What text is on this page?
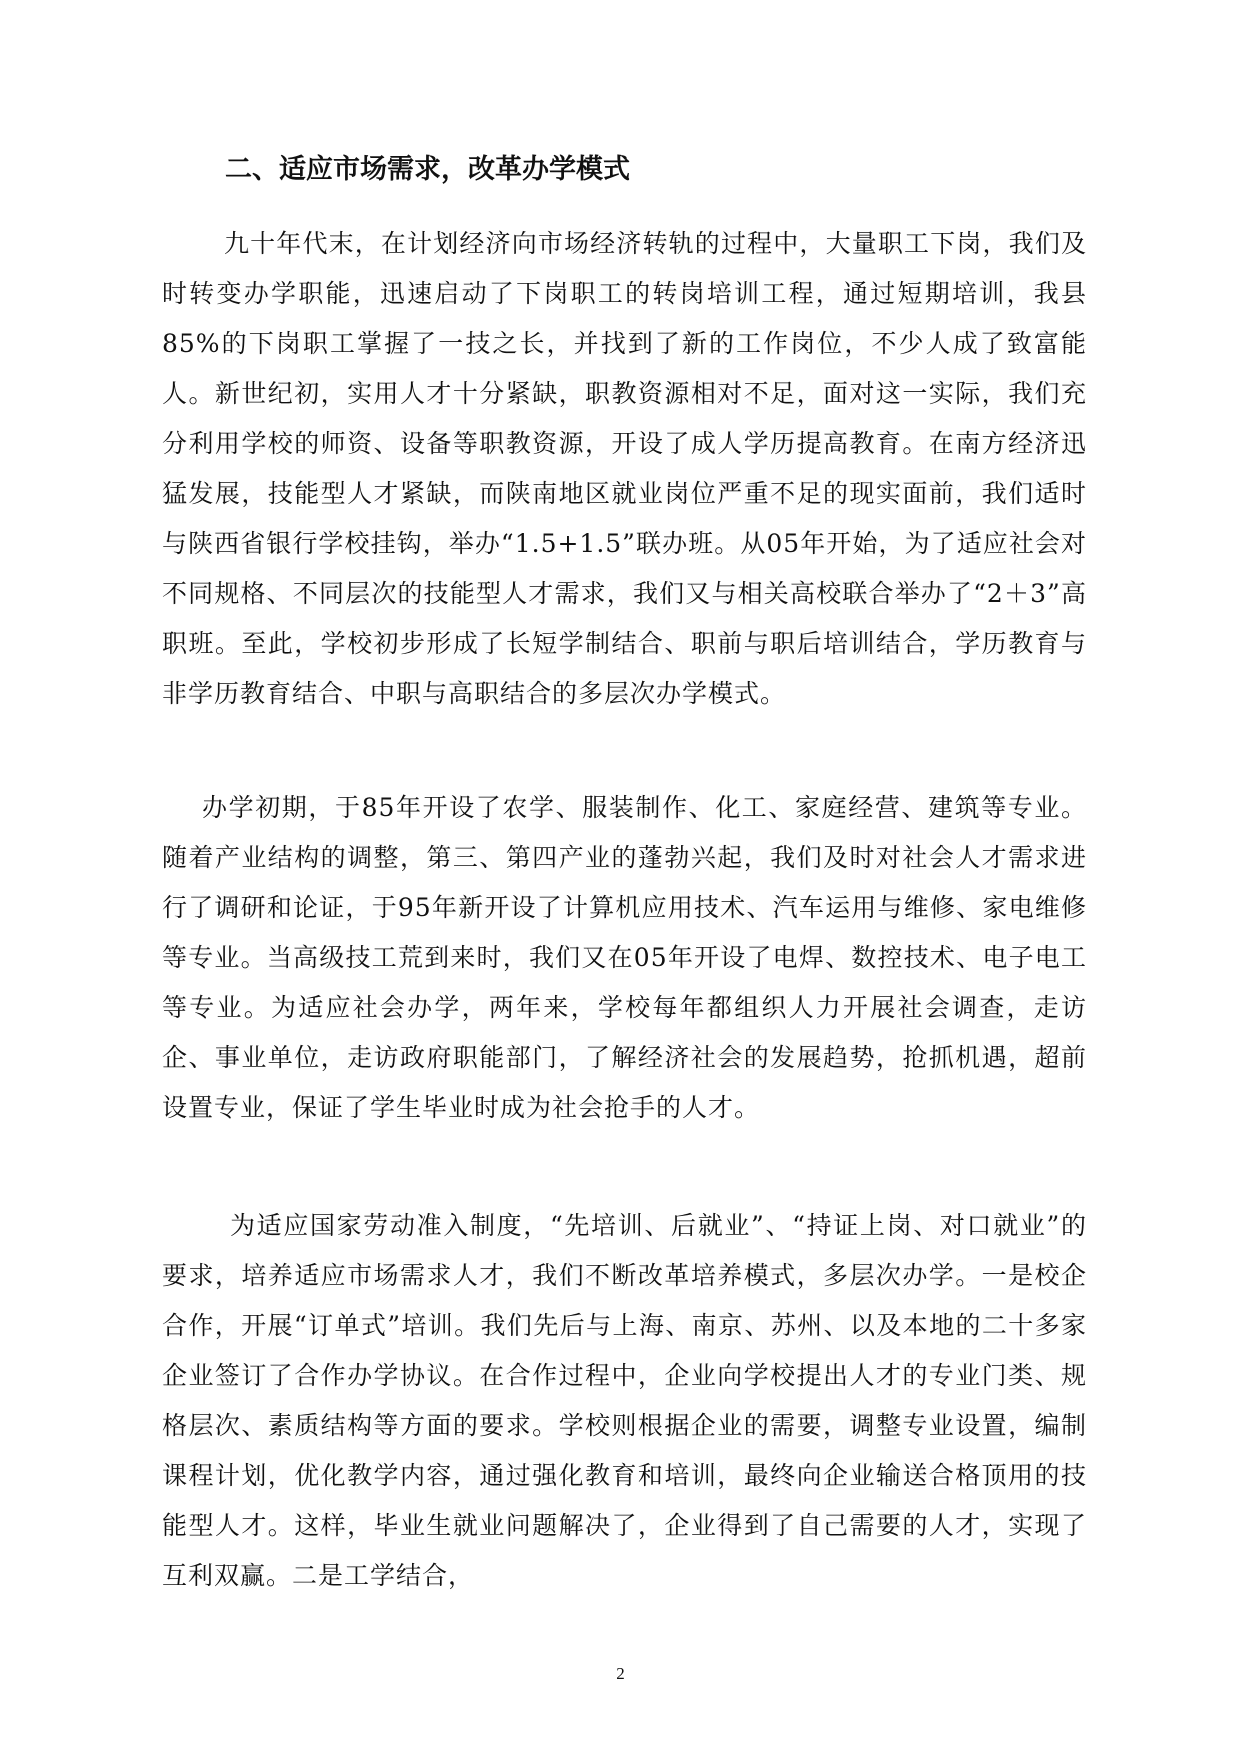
二、适应市场需求，改革办学模式

九十年代末，在计划经济向市场经济转轨的过程中，大量职工下岗，我们及时转变办学职能，迅速启动了下岗职工的转岗培训工程，通过短期培训，我县85%的下岗职工掌握了一技之长，并找到了新的工作岗位，不少人成了致富能人。新世纪初，实用人才十分紧缺，职教资源相对不足，面对这一实际，我们充分利用学校的师资、设备等职教资源，开设了成人学历提高教育。在南方经济迅猛发展，技能型人才紧缺，而陕南地区就业岗位严重不足的现实面前，我们适时与陕西省银行学校挂钩，举办“1.5+1.5”联办班。从05年开始，为了适应社会对不同规格、不同层次的技能型人才需求，我们又与相关高校联合举办了“2＋3”高职班。至此，学校初步形成了长短学制结合、职前与职后培训结合，学历教育与非学历教育结合、中职与高职结合的多层次办学模式。

办学初期，于85年开设了农学、服装制作、化工、家庭经营、建筑等专业。随着产业结构的调整，第三、第四产业的蓬勃兴起，我们及时对社会人才需求进行了调研和论证，于95年新开设了计算机应用技术、汽车运用与维修、家电维修等专业。当高级技工荒到来时，我们又在05年开设了电焊、数控技术、电子电工等专业。为适应社会办学，两年来，学校每年都组织人力开展社会调查，走访企、事业单位，走访政府职能部门，了解经济社会的发展趋势，抢抓机遇，超前设置专业，保证了学生毕业时成为社会抢手的人才。

为适应国家劳动准入制度，“先培训、后就业”、“持证上岗、对口就业”的要求，培养适应市场需求人才，我们不断改革培养模式，多层次办学。一是校企合作，开展“订单式”培训。我们先后与上海、南京、苏州、以及本地的二十多家企业签订了合作办学协议。在合作过程中，企业向学校提出人才的专业门类、规格层次、素质结构等方面的要求。学校则根据企业的需要，调整专业设置，编制课程计划，优化教学内容，通过强化教育和培训，最终向企业输送合格顶用的技能型人才。这样，毕业生就业问题解决了，企业得到了自己需要的人才，实现了互利双赢。二是工学结合，

2
